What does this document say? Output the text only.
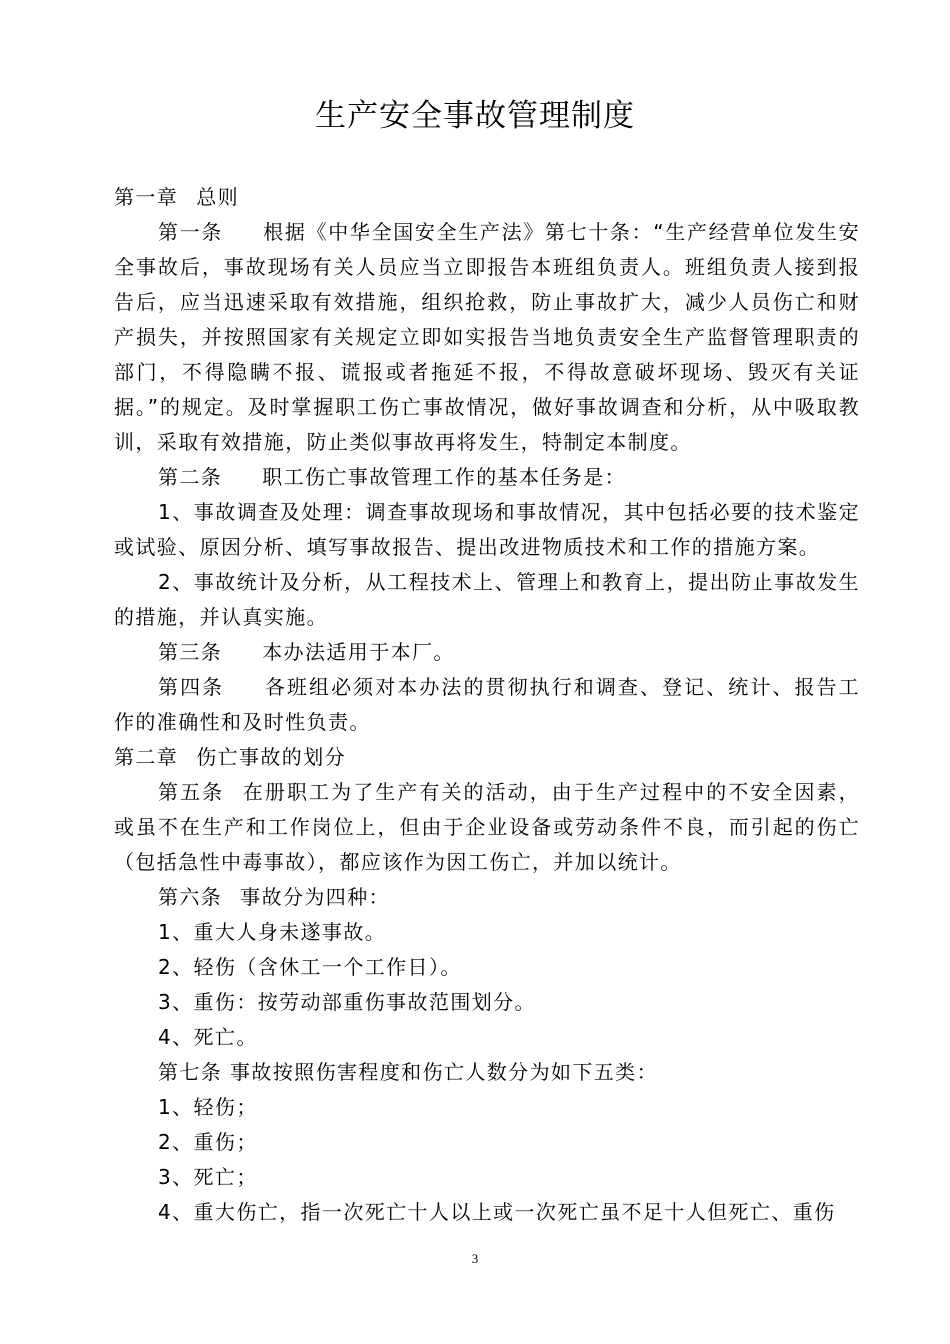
生产安全事故管理制度

第一章 总则

第一条 根据《中华全国安全生产法》第七十条：“生产经营单位发生安全事故后，事故现场有关人员应当立即报告本班组负责人。班组负责人接到报告后，应当迅速采取有效措施，组织抢救，防止事故扩大，减少人员伤亡和财产损失，并按照国家有关规定立即如实报告当地负责安全生产监督管理职责的部门，不得隐瞒不报、谎报或者拖延不报，不得故意破坏现场、毁灭有关证据。”的规定。及时掌握职工伤亡事故情况，做好事故调查和分析，从中吸取教训，采取有效措施，防止类似事故再将发生，特制定本制度。

第二条 职工伤亡事故管理工作的基本任务是：

1、事故调查及处理：调查事故现场和事故情况，其中包括必要的技术鉴定或试验、原因分析、填写事故报告、提出改进物质技术和工作的措施方案。

2、事故统计及分析，从工程技术上、管理上和教育上，提出防止事故发生的措施，并认真实施。

第三条 本办法适用于本厂。

第四条 各班组必须对本办法的贯彻执行和调查、登记、统计、报告工作的准确性和及时性负责。

第二章 伤亡事故的划分

第五条 在册职工为了生产有关的活动，由于生产过程中的不安全因素，或虽不在生产和工作岗位上，但由于企业设备或劳动条件不良，而引起的伤亡（包括急性中毒事故），都应该作为因工伤亡，并加以统计。

第六条 事故分为四种：

1、重大人身未遂事故。

2、轻伤（含休工一个工作日）。

3、重伤：按劳动部重伤事故范围划分。

4、死亡。

第七条 事故按照伤害程度和伤亡人数分为如下五类：

1、轻伤；

2、重伤；

3、死亡；

4、重大伤亡，指一次死亡十人以上或一次死亡虽不足十人但死亡、重伤

3
